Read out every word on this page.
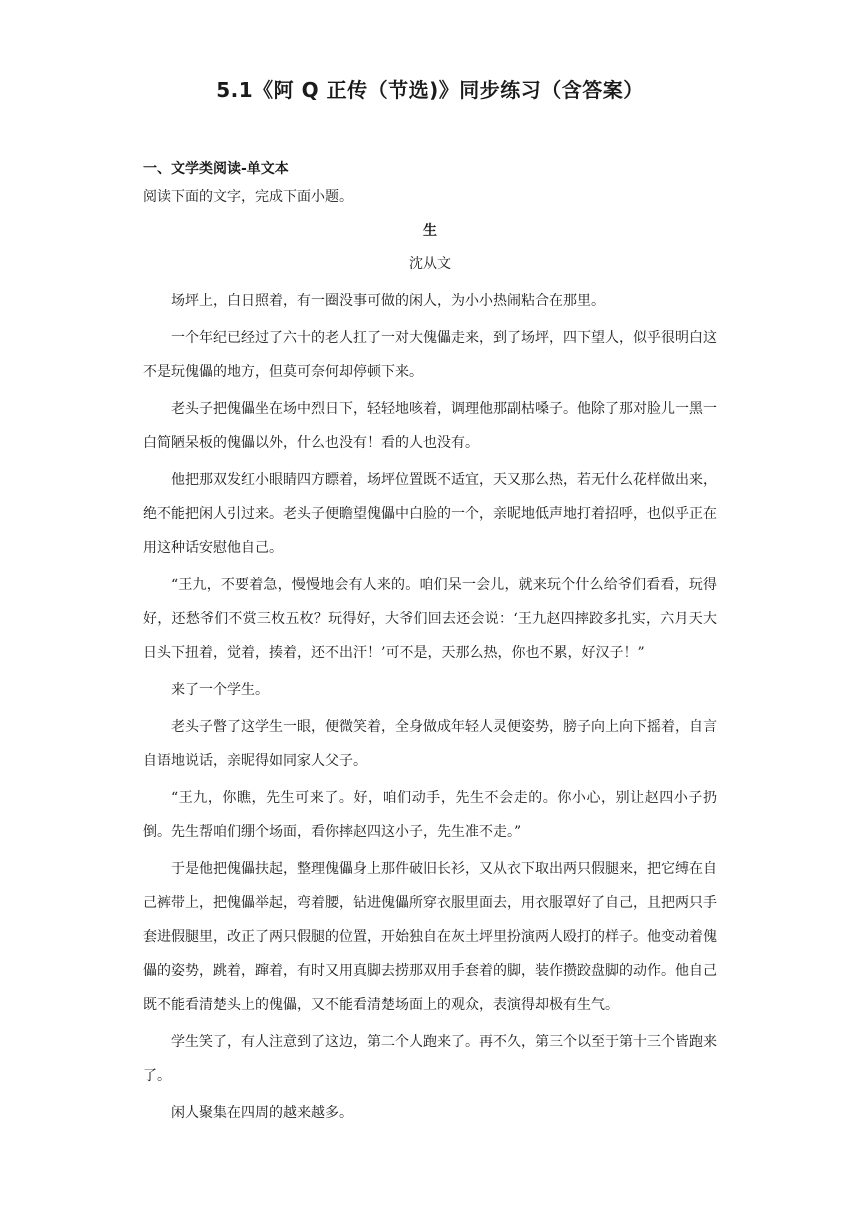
5.1《阿 Q 正传（节选)》同步练习（含答案）
一、文学类阅读-单文本
阅读下面的文字，完成下面小题。
生
沈从文

场坪上，白日照着，有一圈没事可做的闲人，为小小热闹粘合在那里。

一个年纪已经过了六十的老人扛了一对大傀儡走来，到了场坪，四下望人，似乎很明白这不是玩傀儡的地方，但莫可奈何却停顿下来。

老头子把傀儡坐在场中烈日下，轻轻地咳着，调理他那副枯嗓子。他除了那对脸儿一黑一白简陋呆板的傀儡以外，什么也没有！看的人也没有。

他把那双发红小眼睛四方瞟着，场坪位置既不适宜，天又那么热，若无什么花样做出来，绝不能把闲人引过来。老头子便瞻望傀儡中白脸的一个，亲昵地低声地打着招呼，也似乎正在用这种话安慰他自己。

“王九，不要着急，慢慢地会有人来的。咱们呆一会儿，就来玩个什么给爷们看看，玩得好，还愁爷们不赏三枚五枚？玩得好，大爷们回去还会说：‘王九赵四摔跤多扎实，六月天大日头下扭着，觉着，揍着，还不出汗！’可不是，天那么热，你也不累，好汉子！”

来了一个学生。

老头子瞥了这学生一眼，便微笑着，全身做成年轻人灵便姿势，膀子向上向下摇着，自言自语地说话，亲昵得如同家人父子。

“王九，你瞧，先生可来了。好，咱们动手，先生不会走的。你小心，别让赵四小子扔倒。先生帮咱们绷个场面，看你摔赵四这小子，先生准不走。”

于是他把傀儡扶起，整理傀儡身上那件破旧长衫，又从衣下取出两只假腿来，把它缚在自己裤带上，把傀儡举起，弯着腰，钻进傀儡所穿衣服里面去，用衣服罩好了自己，且把两只手套进假腿里，改正了两只假腿的位置，开始独自在灰土坪里扮演两人殴打的样子。他变动着傀儡的姿势，跳着，蹿着，有时又用真脚去捞那双用手套着的脚，装作攒跤盘脚的动作。他自己既不能看清楚头上的傀儡，又不能看清楚场面上的观众，表演得却极有生气。

学生笑了，有人注意到了这边，第二个人跑来了。再不久，第三个以至于第十三个皆跑来了。

闲人聚集在四周的越来越多。
